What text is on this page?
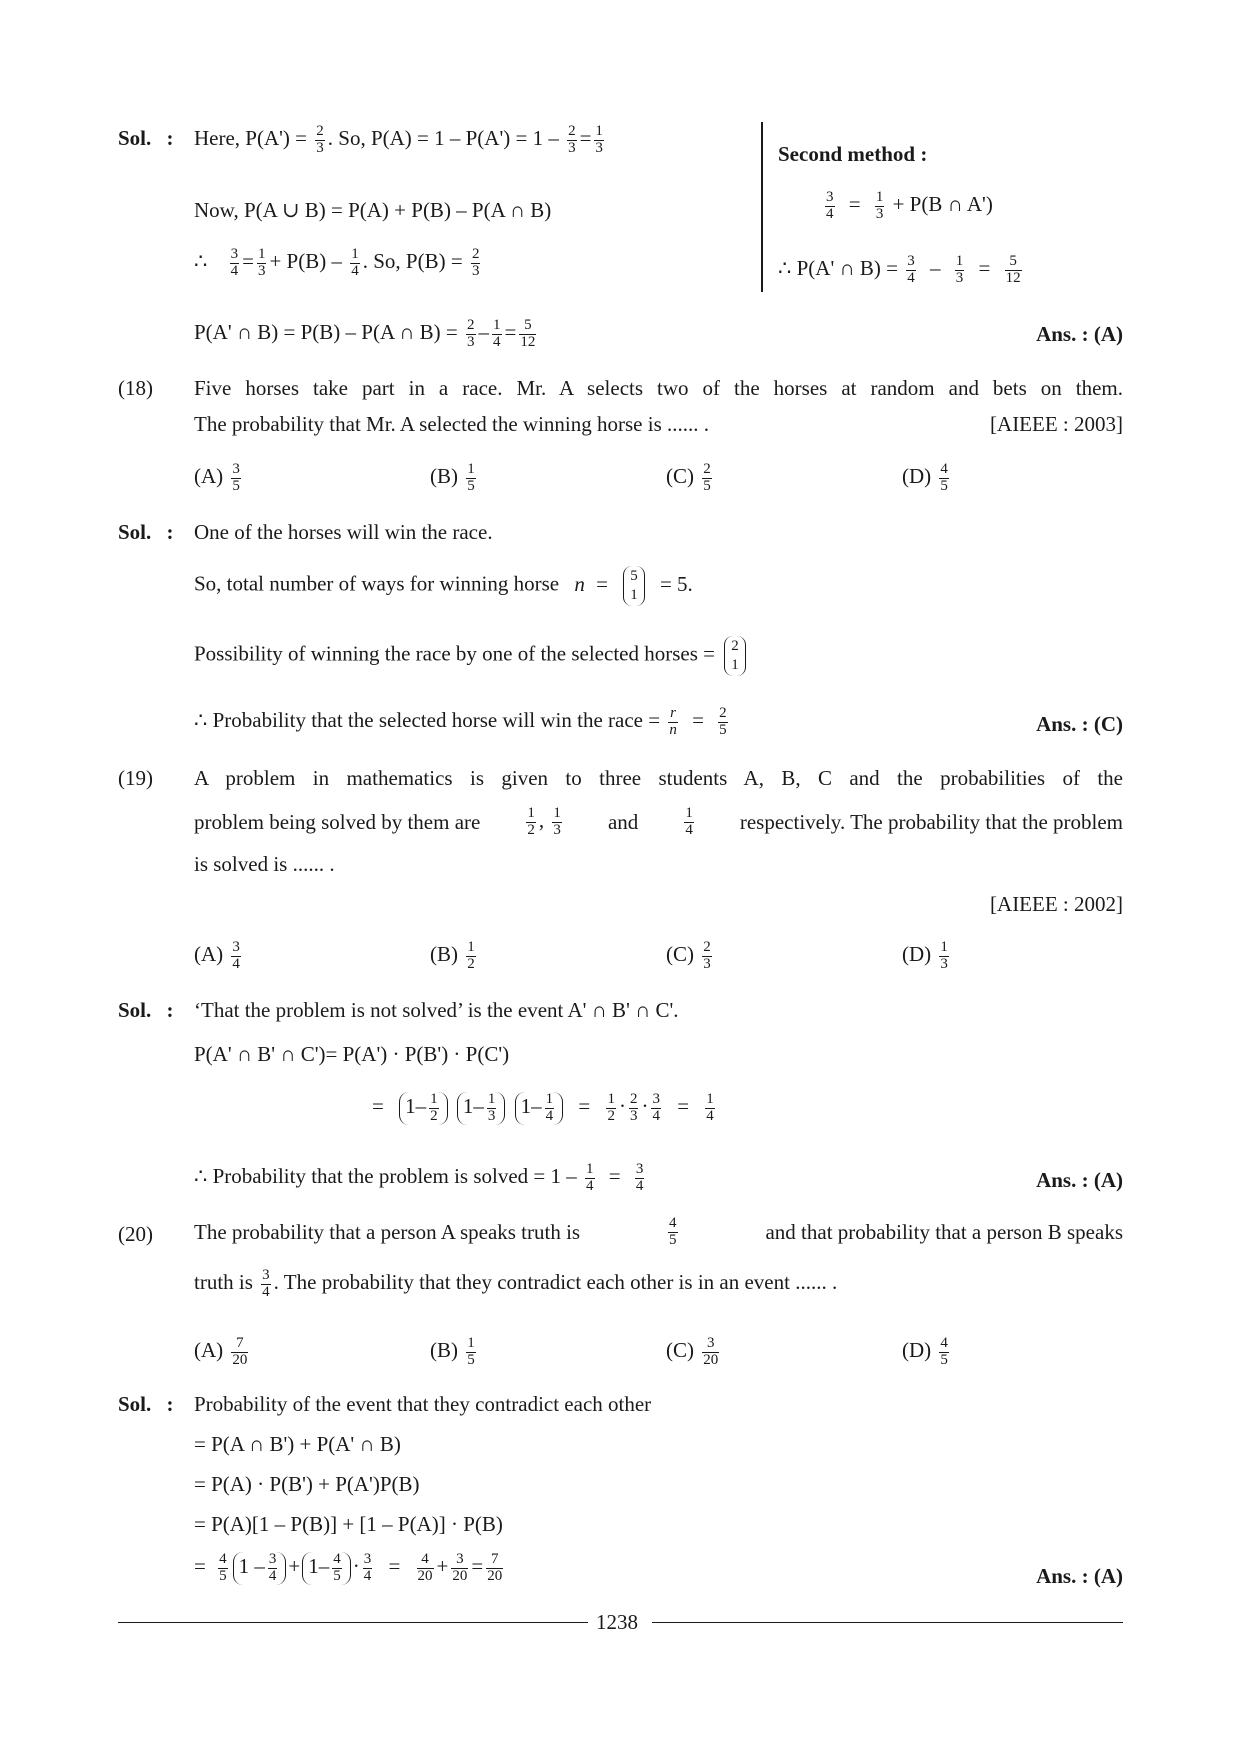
Sol. : Here, $P(A') = \frac{2}{3}$ . So, $P(A) = 1 - P(A') = 1 - \frac{2}{3} = \frac{1}{3}$	Second method :
Now, P(A ∪ B) = P(A) + P(B) – P(A ∩ B)	$\frac{3}{4} = \frac{1}{3} + P(B$ ∩ A')
∴ $\frac{3}{4} = \frac{1}{3} + P(B) - \frac{1}{4}$ . So, $P(B) = \frac{2}{3}$	∴ P(A' ∩ $B) = \frac{3}{4} - \frac{1}{3} = \frac{5}{12}$
P(A' ∩ B) = P(B) – P(A ∩ $B) = \frac{2}{3} - \frac{1}{4} = \frac{5}{12}$	Ans. : (A)
(18) Five horses take part in a race. Mr. A selects two of the horses at random and bets on them.
The probability that Mr. A selected the winning horse is ...... .	[AIEEE : 2003]
$(A) \frac{3}{5}$	$(B) \frac{1}{5}$	$(C) \frac{2}{5}$	$(D) \frac{4}{5}$
Sol. : One of the horses will win the race.
So, total number of ways for winning horse n = 5
1 = 5.
Possibility of winning the race by one of the selected horses = 2
1
∴ Probability that the selected horse will win the race = $\frac{r}{n} = \frac{2}{5}$	Ans. : (C)
(19) A problem in mathematics is given to three students A, B, C and the probabilities of the
problem being solved by them are	$\frac{1}{2}$ , $\frac{1}{3}$ and	$\frac{1}{4}$ respectively. The probability that the problem
is solved is ...... .
[AIEEE : 2002]
$(A) \frac{3}{4}$	$(B) \frac{1}{2}$	$(C) \frac{2}{3}$	$(D) \frac{1}{3}$
Sol. : ‘That the problem is not solved’ is the event A' ∩ B' ∩ C'.
P(A' ∩ B' ∩ C')= P(A') · P(B') · P(C')
= $1- \frac{1}{2} 1- \frac{1}{3} 1- \frac{1}{4} = \frac{1}{2} \cdot \frac{2}{3} \cdot \frac{3}{4} = \frac{1}{4}$
∴ Probability that the problem is solved = $1 - \frac{1}{4} = \frac{3}{4}$	Ans. : (A)
(20) The probability that a person A speaks truth is	$\frac{4}{5}$	and that probability that a person B speaks
truth is $\frac{3}{4}$ . The probability that they contradict each other is in an event ...... .
$(A) \frac{7}{20}$	$(B) \frac{1}{5}$	$(C) \frac{3}{20}$	$(D) \frac{4}{5}$
Sol. : Probability of the event that they contradict each other
= P(A ∩ B') + P(A' ∩ B)
= P(A) · P(B') + P(A')P(B)
= P(A)[1 – P(B)] + [1 – P(A)] · P(B)
= $\frac{4}{5} 1 - \frac{3}{4} + 1- \frac{4}{5} \cdot \frac{3}{4} = \frac{4}{20} + \frac{3}{20} = \frac{7}{20}$	Ans. : (A)
1238
